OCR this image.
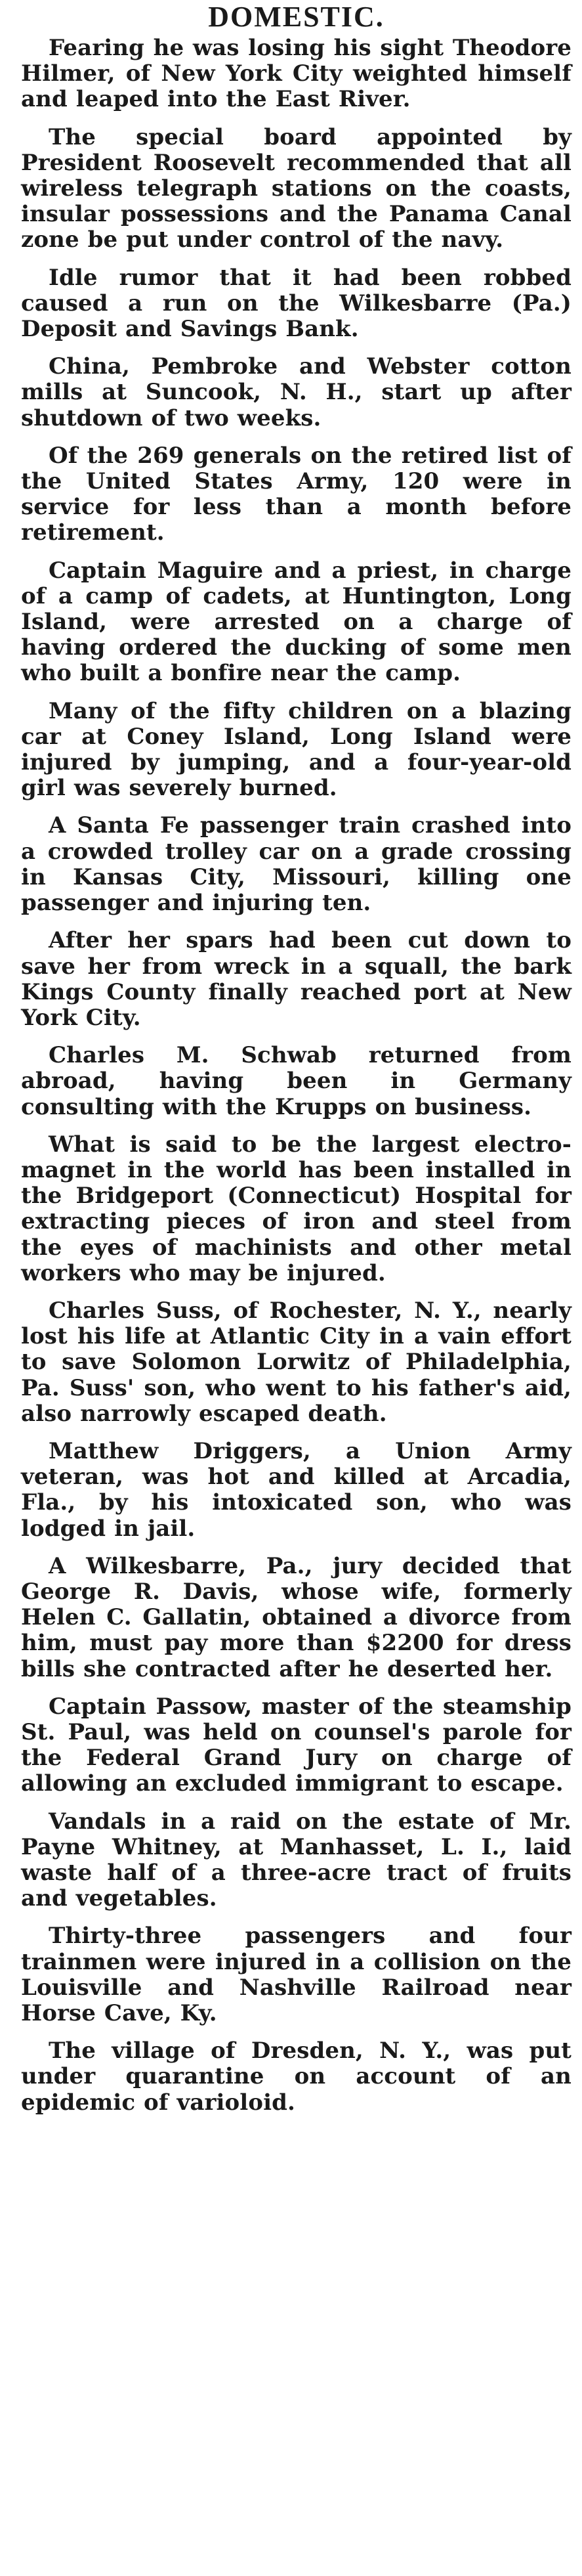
DOMESTIC.

Fearing he was losing his sight Theodore Hilmer, of New York City weighted himself and leaped into the East River.

The special board appointed by President Roosevelt recommended that all wireless telegraph stations on the coasts, insular possessions and the Panama Canal zone be put under control of the navy.

Idle rumor that it had been robbed caused a run on the Wilkesbarre (Pa.) Deposit and Savings Bank.

China, Pembroke and Webster cotton mills at Suncook, N. H., start up after shutdown of two weeks.

Of the 269 generals on the retired list of the United States Army, 120 were in service for less than a month before retirement.

Captain Maguire and a priest, in charge of a camp of cadets, at Huntington, Long Island, were arrested on a charge of having ordered the ducking of some men who built a bonfire near the camp.

Many of the fifty children on a blazing car at Coney Island, Long Island were injured by jumping, and a four-year-old girl was severely burned.

A Santa Fe passenger train crashed into a crowded trolley car on a grade crossing in Kansas City, Missouri, killing one passenger and injuring ten.

After her spars had been cut down to save her from wreck in a squall, the bark Kings County finally reached port at New York City.

Charles M. Schwab returned from abroad, having been in Germany consulting with the Krupps on business.

What is said to be the largest electro-magnet in the world has been installed in the Bridgeport (Connecticut) Hospital for extracting pieces of iron and steel from the eyes of machinists and other metal workers who may be injured.

Charles Suss, of Rochester, N. Y., nearly lost his life at Atlantic City in a vain effort to save Solomon Lorwitz of Philadelphia, Pa. Suss' son, who went to his father's aid, also narrowly escaped death.

Matthew Driggers, a Union Army veteran, was hot and killed at Arcadia, Fla., by his intoxicated son, who was lodged in jail.

A Wilkesbarre, Pa., jury decided that George R. Davis, whose wife, formerly Helen C. Gallatin, obtained a divorce from him, must pay more than $2200 for dress bills she contracted after he deserted her.

Captain Passow, master of the steamship St. Paul, was held on counsel's parole for the Federal Grand Jury on charge of allowing an excluded immigrant to escape.

Vandals in a raid on the estate of Mr. Payne Whitney, at Manhasset, L. I., laid waste half of a three-acre tract of fruits and vegetables.

Thirty-three passengers and four trainmen were injured in a collision on the Louisville and Nashville Railroad near Horse Cave, Ky.

The village of Dresden, N. Y., was put under quarantine on account of an epidemic of varioloid.
